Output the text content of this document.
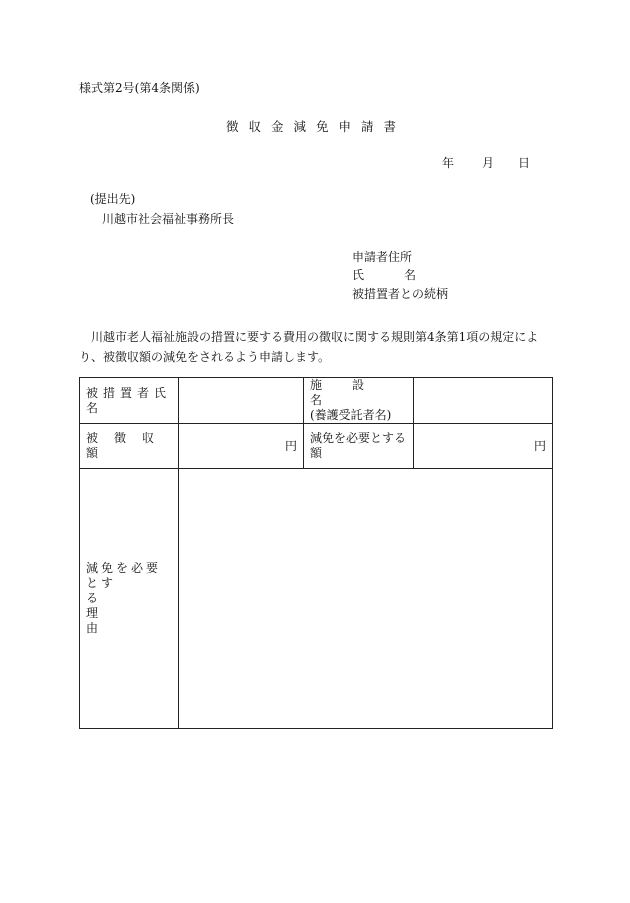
様式第2号(第4条関係)
徴収金減免申請書
年 月 日
(提出先)
川越市社会福祉事務所長
申請者住所
氏	名
被措置者との続柄
川越市老人福祉施設の措置に要する費用の徴収に関する規則第4条第1項の規定により、被徴収額の減免をされるよう申請します。
被措置者氏名		施設名
(養護受託者名)	

被徴収額	円	減免を必要とする額	円

減免を必要とす
る 理 由			
